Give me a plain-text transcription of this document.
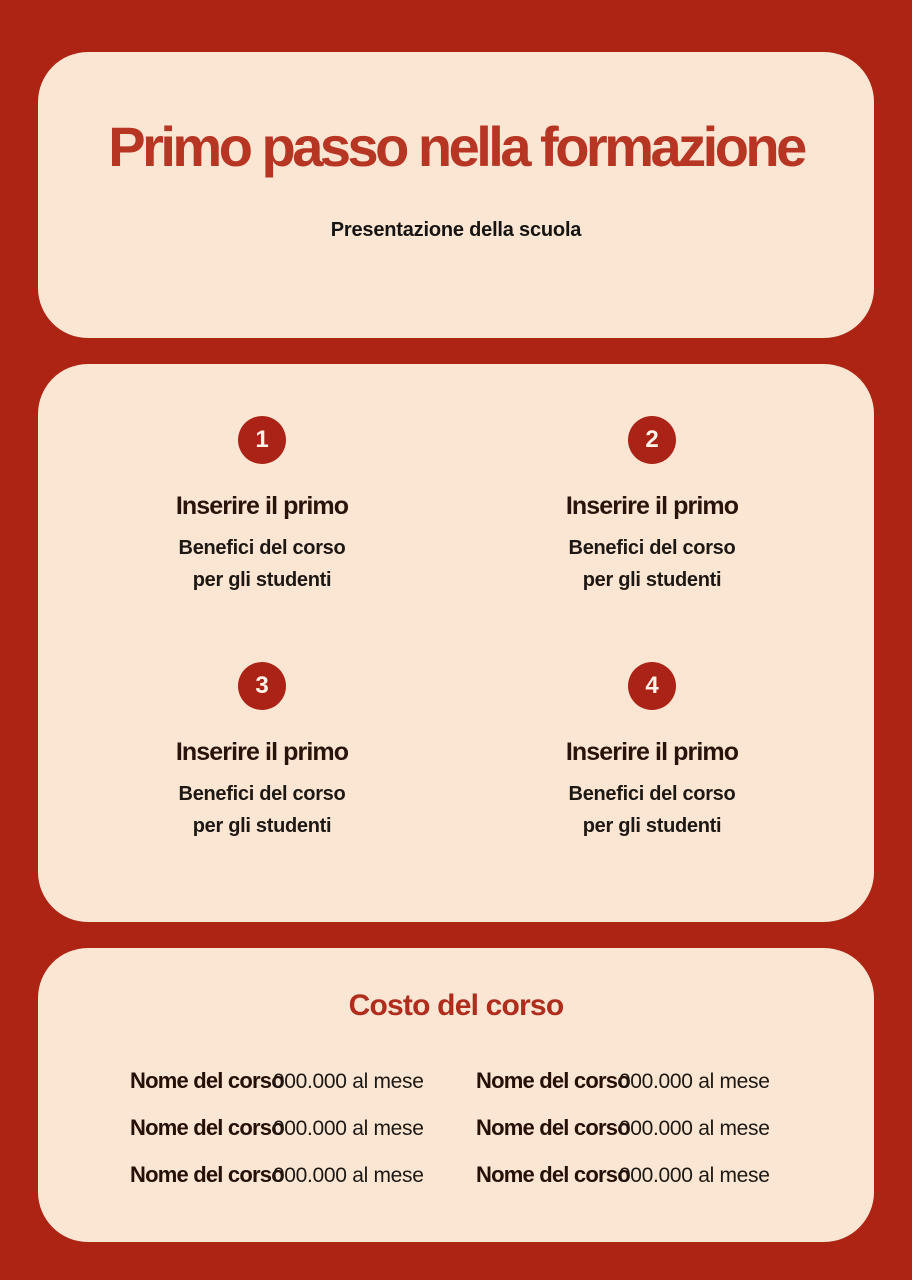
Primo passo nella formazione

Presentazione della scuola

1
Inserire il primo
Benefici del corso
per gli studenti
2
Inserire il primo
Benefici del corso
per gli studenti
3
Inserire il primo
Benefici del corso
per gli studenti
4
Inserire il primo
Benefici del corso
per gli studenti
Costo del corso
Nome del corso000.000 al mese	Nome del corso000.000 al mese
Nome del corso000.000 al mese	Nome del corso000.000 al mese
Nome del corso000.000 al mese	Nome del corso000.000 al mese
